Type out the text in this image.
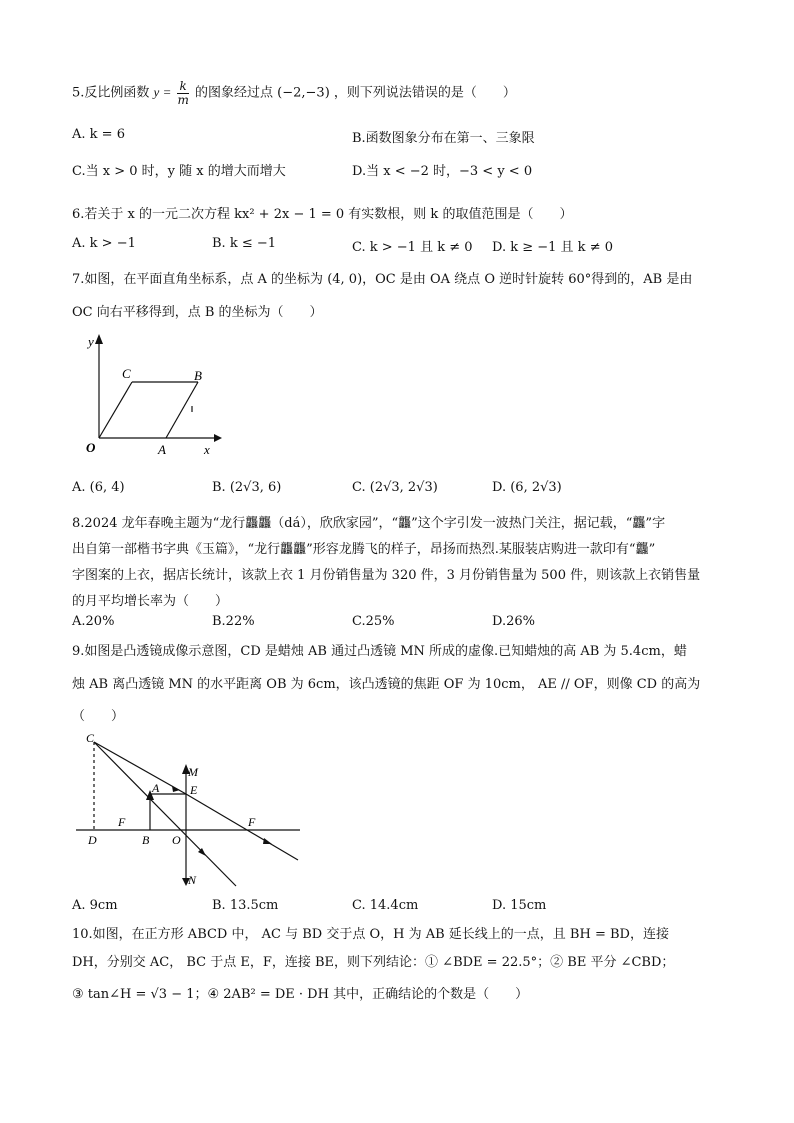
5.反比例函数 $y = \frac{k}{m}$ 的图象经过点 (−2,−3) ，则下列说法错误的是（　　）
A. k = 6	B.函数图象分布在第一、三象限
C.当 x > 0 时，y 随 x 的增大而增大	D.当 x < −2 时，−3 < y < 0
6.若关于 x 的一元二次方程 kx² + 2x − 1 = 0 有实数根，则 k 的取值范围是（　　）
A. k > −1	B. k ≤ −1	C. k > −1 且 k ≠ 0 D. k ≥ −1 且 k ≠ 0
7.如图，在平面直角坐标系，点 A 的坐标为 (4, 0)，OC 是由 OA 绕点 O 逆时针旋转 60°得到的，AB 是由
OC 向右平移得到，点 B 的坐标为（　　）
y
x
O	A
B
C
A. (6, 4)	B. (2√3, 6)	C. (2√3, 2√3)	D. (6, 2√3)
8.2024 龙年春晚主题为“龙行龘龘（dá），欣欣家园”，“龘”这个字引发一波热门关注，据记载，“龘”字
出自第一部楷书字典《玉篇》，“龙行龘龘”形容龙腾飞的样子，昂扬而热烈.某服装店购进一款印有“龘”
字图案的上衣，据店长统计，该款上衣 1 月份销售量为 320 件，3 月份销售量为 500 件，则该款上衣销售量
的月平均增长率为（　　）
A.20%	B.22%	C.25%	D.26%
9.如图是凸透镜成像示意图，CD 是蜡烛 AB 通过凸透镜 MN 所成的虚像.已知蜡烛的高 AB 为 5.4cm，蜡
烛 AB 离凸透镜 MN 的水平距离 OB 为 6cm，该凸透镜的焦距 OF 为 10cm， AE // OF，则像 CD 的高为
（　　）
C
M
A	E
F	F
D	B O
N
A. 9cm	B. 13.5cm	C. 14.4cm	D. 15cm
10.如图，在正方形 ABCD 中， AC 与 BD 交于点 O，H 为 AB 延长线上的一点，且 BH = BD，连接
DH，分别交 AC， BC 于点 E，F，连接 BE，则下列结论：① ∠BDE = 22.5°；② BE 平分 ∠CBD；
③ tan∠H = √3 − 1；④ 2AB² = DE · DH 其中，正确结论的个数是（　　）
